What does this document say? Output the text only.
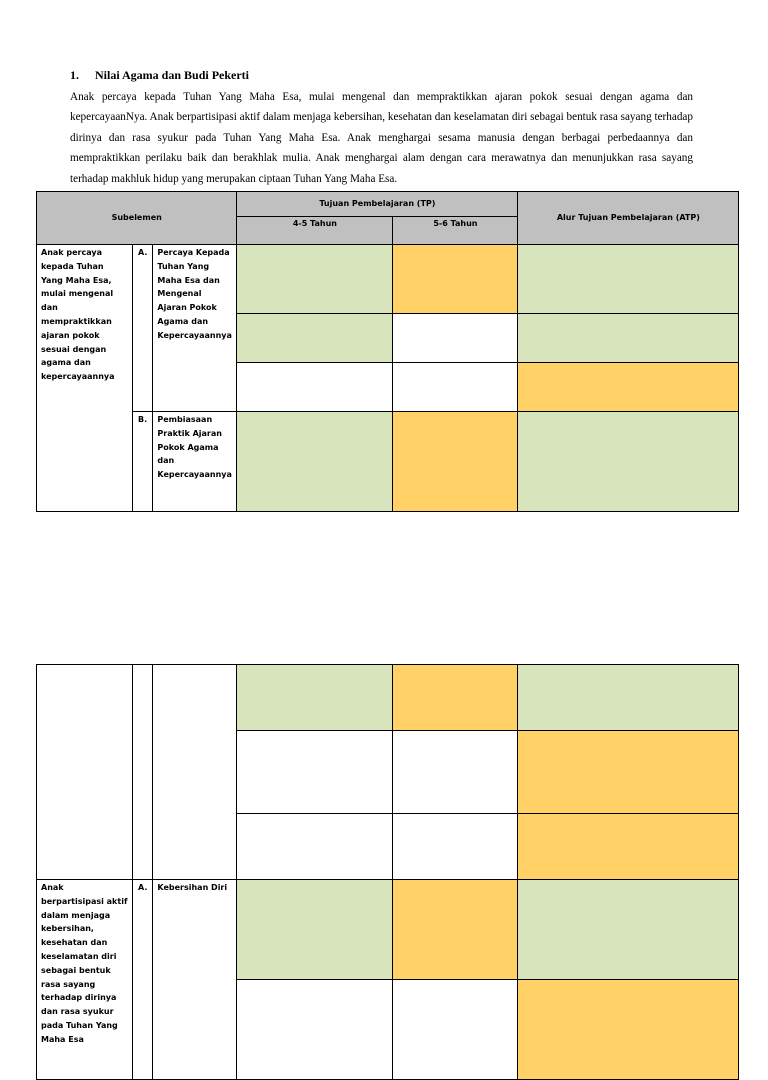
1. Nilai Agama dan Budi Pekerti
Anak percaya kepada Tuhan Yang Maha Esa, mulai mengenal dan mempraktikkan ajaran pokok sesuai dengan agama dan kepercayaanNya. Anak berpartisipasi aktif dalam menjaga kebersihan, kesehatan dan keselamatan diri sebagai bentuk rasa sayang terhadap dirinya dan rasa syukur pada Tuhan Yang Maha Esa. Anak menghargai sesama manusia dengan berbagai perbedaannya dan mempraktikkan perilaku baik dan berakhlak mulia. Anak menghargai alam dengan cara merawatnya dan menunjukkan rasa sayang terhadap makhluk hidup yang merupakan ciptaan Tuhan Yang Maha Esa.
Subelemen			Tujuan Pembelajaran (TP)		Alur Tujuan Pembelajaran (ATP)
			4-5 Tahun	5-6 Tahun	
Anak percaya kepada Tuhan Yang Maha Esa, mulai mengenal dan mempraktikkan ajaran pokok sesuai dengan agama dan kepercayaannya	A.	Percaya Kepada Tuhan Yang Maha Esa dan Mengenal Ajaran Pokok Agama dan Kepercayaannya			

	B.	Pembiasaan Praktik Ajaran Pokok Agama dan Kepercayaannya			

Anak berpartisipasi aktif dalam menjaga kebersihan, kesehatan dan keselamatan diri sebagai bentuk rasa sayang terhadap dirinya dan rasa syukur pada Tuhan Yang Maha Esa	A.	Kebersihan Diri			
